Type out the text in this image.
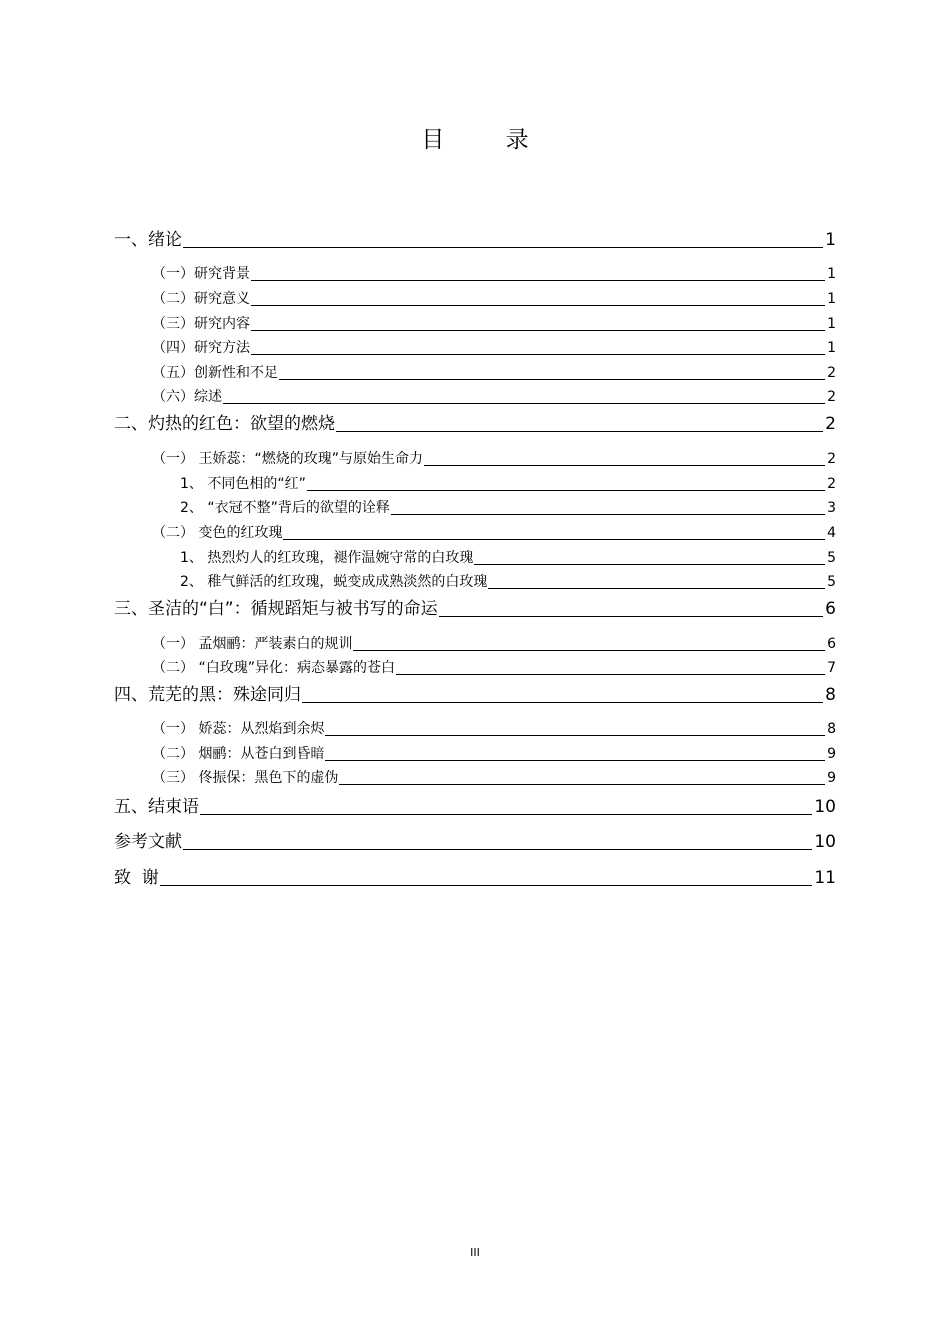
目 录
一、绪论	1
（一）研究背景	1
（二）研究意义	1
（三）研究内容	1
（四）研究方法	1
（五）创新性和不足	2
（六）综述	2
二、灼热的红色：欲望的燃烧	2
（一） 王娇蕊：“燃烧的玫瑰”与原始生命力	2
1、 不同色相的“红”	2
2、 “衣冠不整”背后的欲望的诠释	3
（二） 变色的红玫瑰	4
1、 热烈灼人的红玫瑰，褪作温婉守常的白玫瑰	5
2、 稚气鲜活的红玫瑰，蜕变成成熟淡然的白玫瑰	5
三、圣洁的“白”：循规蹈矩与被书写的命运	6
（一） 孟烟鹂：严装素白的规训	6
（二） “白玫瑰”异化：病态暴露的苍白	7
四、荒芜的黑：殊途同归	8
（一） 娇蕊：从烈焰到余烬	8
（二） 烟鹂：从苍白到昏暗	9
（三） 佟振保：黑色下的虚伪	9
五、结束语	10
参考文献	10
致  谢	11
III
